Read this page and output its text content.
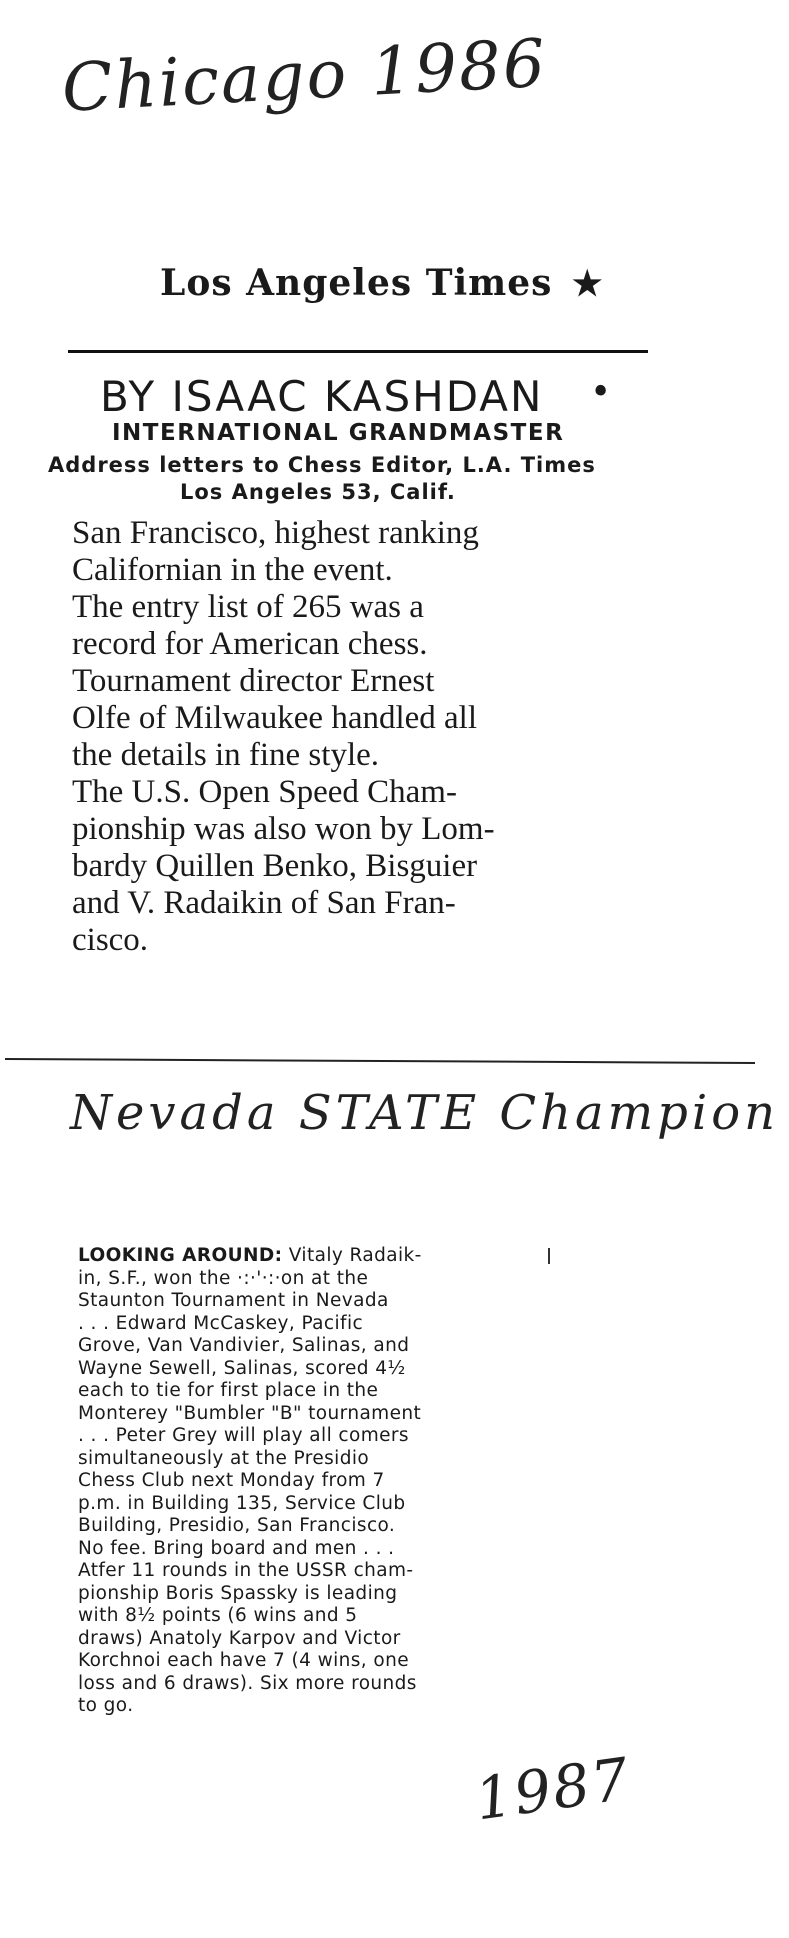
Chicago 1986
Los Angeles Times ★
BY ISAAC KASHDAN	•
INTERNATIONAL GRANDMASTER
Address letters to Chess Editor, L.A. Times
Los Angeles 53, Calif.
San Francisco, highest ranking
Californian in the event.
The entry list of 265 was a
record for American chess.
Tournament director Ernest
Olfe of Milwaukee handled all
the details in fine style.
The U.S. Open Speed Cham-
pionship was also won by Lom-
bardy Quillen Benko, Bisguier
and V. Radaikin of San Fran-
cisco.
Nevada STATE Champion
LOOKING AROUND: Vitaly Radaik-
in, S.F., won the ·:·'·:·on at the
Staunton Tournament in Nevada
. . . Edward McCaskey, Pacific
Grove, Van Vandivier, Salinas, and
Wayne Sewell, Salinas, scored 4½
each to tie for first place in the
Monterey "Bumbler "B" tournament
. . . Peter Grey will play all comers
simultaneously at the Presidio
Chess Club next Monday from 7
p.m. in Building 135, Service Club
Building, Presidio, San Francisco.
No fee. Bring board and men . . .
Atfer 11 rounds in the USSR cham-
pionship Boris Spassky is leading
with 8½ points (6 wins and 5
draws) Anatoly Karpov and Victor
Korchnoi each have 7 (4 wins, one
loss and 6 draws). Six more rounds
to go.
1987
